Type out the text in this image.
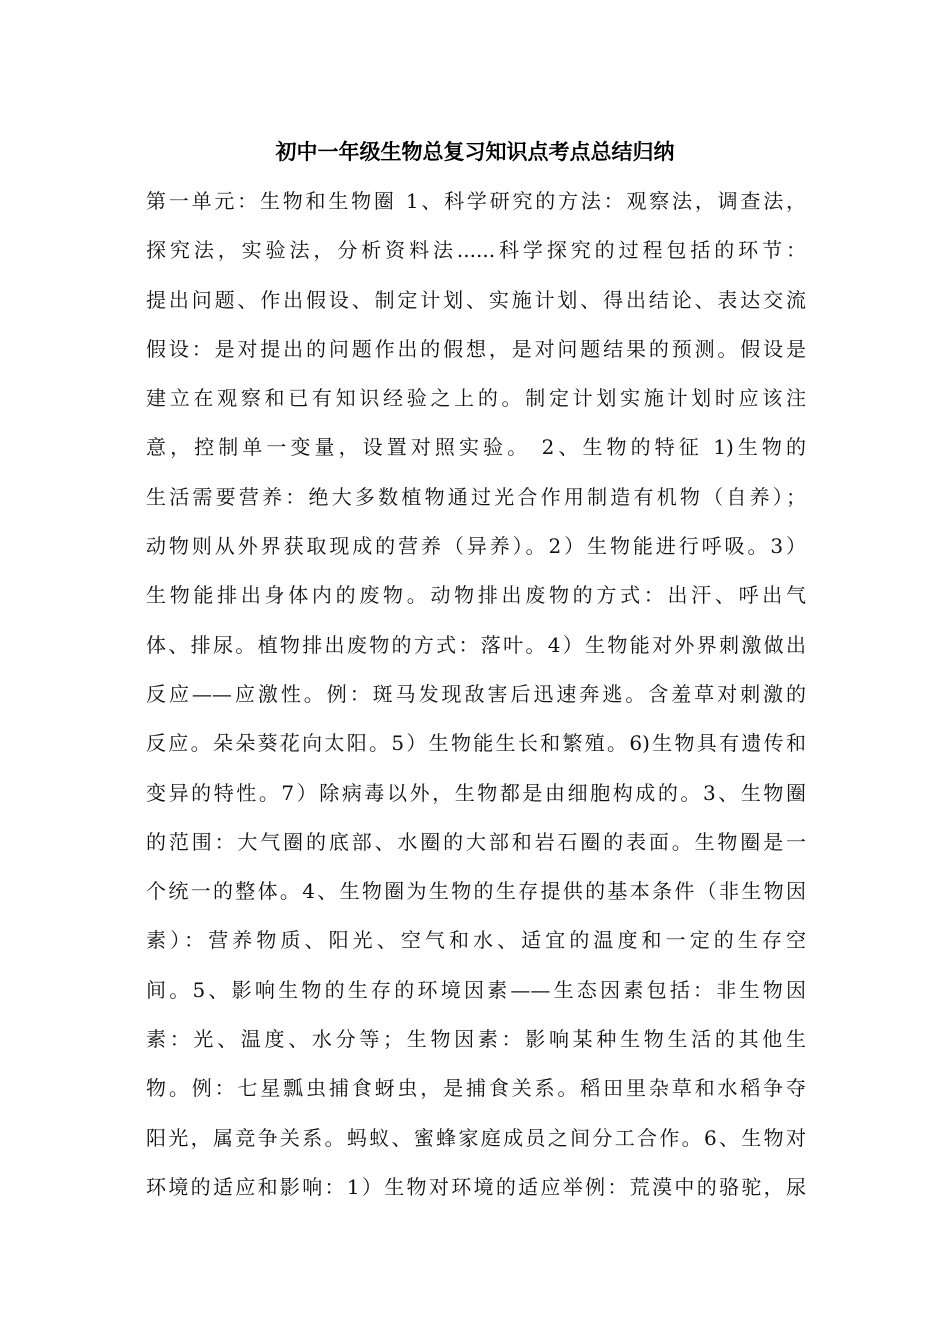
初中一年级生物总复习知识点考点总结归纳
第一单元：生物和生物圈 1、科学研究的方法：观察法，调查法，
探究法，实验法，分析资料法......科学探究的过程包括的环节：
提出问题、作出假设、制定计划、实施计划、得出结论、表达交流
假设：是对提出的问题作出的假想，是对问题结果的预测。假设是
建立在观察和已有知识经验之上的。制定计划实施计划时应该注
意，控制单一变量，设置对照实验。 2、生物的特征 1)生物的
生活需要营养：绝大多数植物通过光合作用制造有机物（自养）；
动物则从外界获取现成的营养（异养）。2）生物能进行呼吸。3）
生物能排出身体内的废物。动物排出废物的方式：出汗、呼出气
体、排尿。植物排出废物的方式：落叶。4）生物能对外界刺激做出
反应——应激性。例：斑马发现敌害后迅速奔逃。含羞草对刺激的
反应。朵朵葵花向太阳。5）生物能生长和繁殖。6)生物具有遗传和
变异的特性。7）除病毒以外，生物都是由细胞构成的。3、生物圈
的范围：大气圈的底部、水圈的大部和岩石圈的表面。生物圈是一
个统一的整体。4、生物圈为生物的生存提供的基本条件（非生物因
素）：营养物质、阳光、空气和水、适宜的温度和一定的生存空
间。5、影响生物的生存的环境因素——生态因素包括：非生物因
素：光、温度、水分等；生物因素：影响某种生物生活的其他生
物。例：七星瓢虫捕食蚜虫，是捕食关系。稻田里杂草和水稻争夺
阳光，属竞争关系。蚂蚁、蜜蜂家庭成员之间分工合作。6、生物对
环境的适应和影响：1）生物对环境的适应举例：荒漠中的骆驼，尿
